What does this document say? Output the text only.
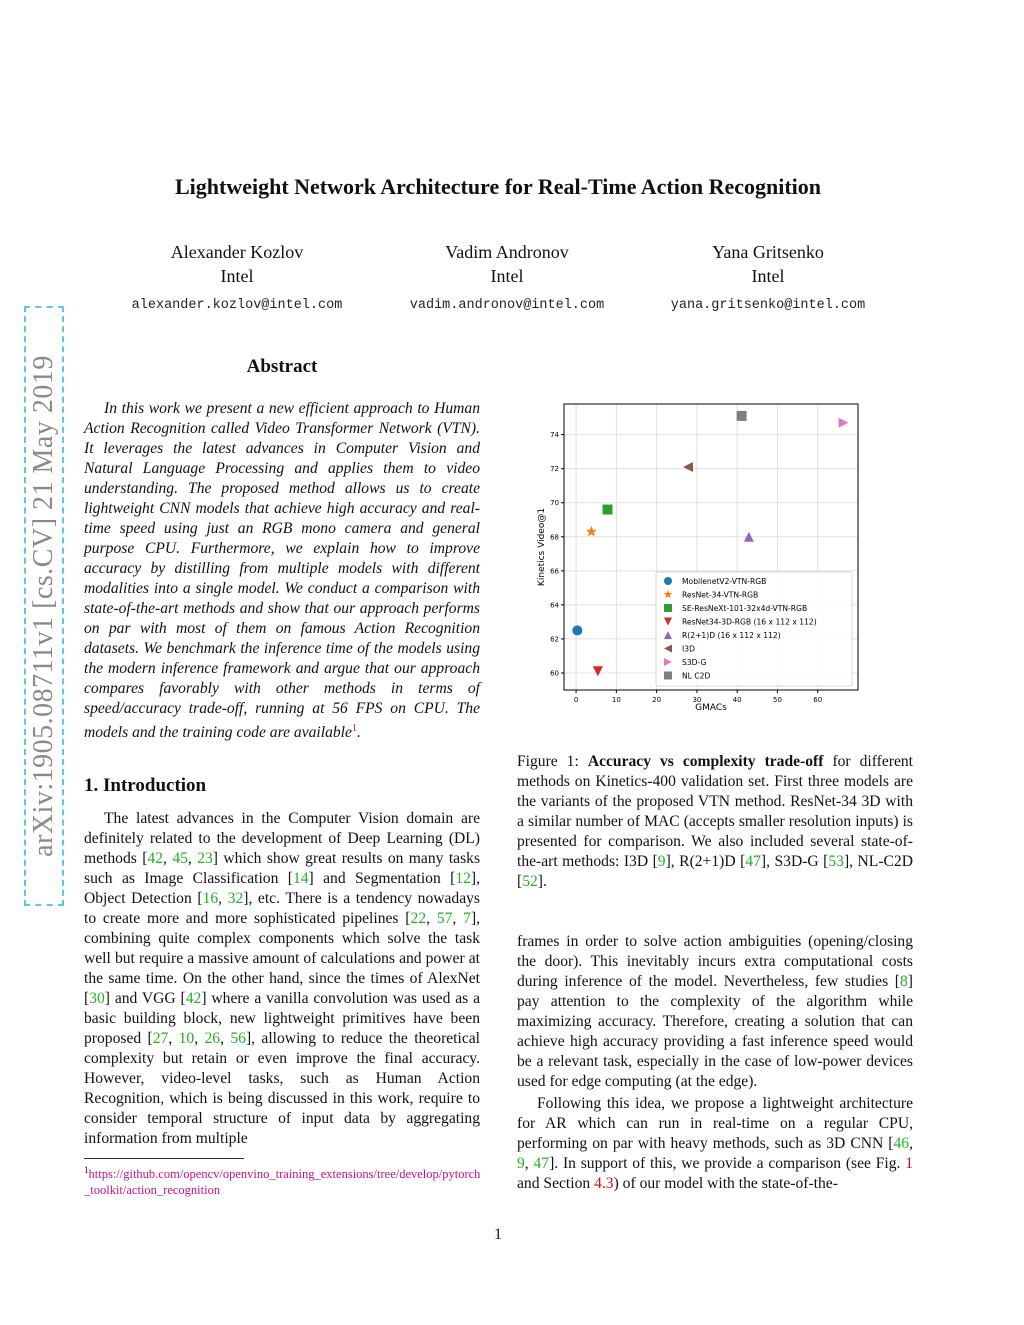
Lightweight Network Architecture for Real-Time Action Recognition
Alexander Kozlov
Intel
alexander.kozlov@intel.com
Vadim Andronov
Intel
vadim.andronov@intel.com
Yana Gritsenko
Intel
yana.gritsenko@intel.com
arXiv:1905.08711v1 [cs.CV] 21 May 2019	Abstract
In this work we present a new efficient approach to Human Action Recognition called Video Transformer Network (VTN). It leverages the latest advances in Computer Vision and Natural Language Processing and applies them to video understanding. The proposed method allows us to create lightweight CNN models that achieve high accuracy and real-time speed using just an RGB mono camera and general purpose CPU. Furthermore, we explain how to improve accuracy by distilling from multiple models with different modalities into a single model. We conduct a comparison with state-of-the-art methods and show that our approach performs on par with most of them on famous Action Recognition datasets. We benchmark the inference time of the models using the modern inference framework and argue that our approach compares favorably with other methods in terms of speed/accuracy trade-off, running at 56 FPS on CPU. The models and the training code are available$^1$.
1. Introduction
The latest advances in the Computer Vision domain are definitely related to the development of Deep Learning (DL) methods [42, 45, 23] which show great results on many tasks such as Image Classification [14] and Segmentation [12], Object Detection [16, 32], etc. There is a tendency nowadays to create more and more sophisticated pipelines [22, 57, 7], combining quite complex components which solve the task well but require a massive amount of calculations and power at the same time. On the other hand, since the times of AlexNet [30] and VGG [42] where a vanilla convolution was used as a basic building block, new lightweight primitives have been proposed [27, 10, 26, 56], allowing to reduce the theoretical complexity but retain or even improve the final accuracy. However, video-level tasks, such as Human Action Recognition, which is being discussed in this work, require to consider temporal structure of input data by aggregating information from multiple
$^1$https://github.com/opencv/openvino_training_extensions/tree/develop/pytorch_toolkit/action_recognition
0	10	20	30	40	50	60
60
62
64
66
68
70
72
74
MobilenetV2-VTN-RGB
ResNet-34-VTN-RGB
SE-ResNeXt-101-32x4d-VTN-RGB
ResNet34-3D-RGB (16 x 112 x 112)
R(2+1)D (16 x 112 x 112)
I3D
S3D-G
NL C2D
GMACs
Kinetics Video@1
Figure 1: Accuracy vs complexity trade-off for different methods on Kinetics-400 validation set. First three models are the variants of the proposed VTN method. ResNet-34 3D with a similar number of MAC (accepts smaller resolution inputs) is presented for comparison. We also included several state-of-the-art methods: I3D [9], R(2+1)D [47], S3D-G [53], NL-C2D [52].
frames in order to solve action ambiguities (opening/closing the door). This inevitably incurs extra computational costs during inference of the model. Nevertheless, few studies [8] pay attention to the complexity of the algorithm while maximizing accuracy. Therefore, creating a solution that can achieve high accuracy providing a fast inference speed would be a relevant task, especially in the case of low-power devices used for edge computing (at the edge).
Following this idea, we propose a lightweight architecture for AR which can run in real-time on a regular CPU, performing on par with heavy methods, such as 3D CNN [46, 9, 47]. In support of this, we provide a comparison (see Fig. 1 and Section 4.3) of our model with the state-of-the-
1
